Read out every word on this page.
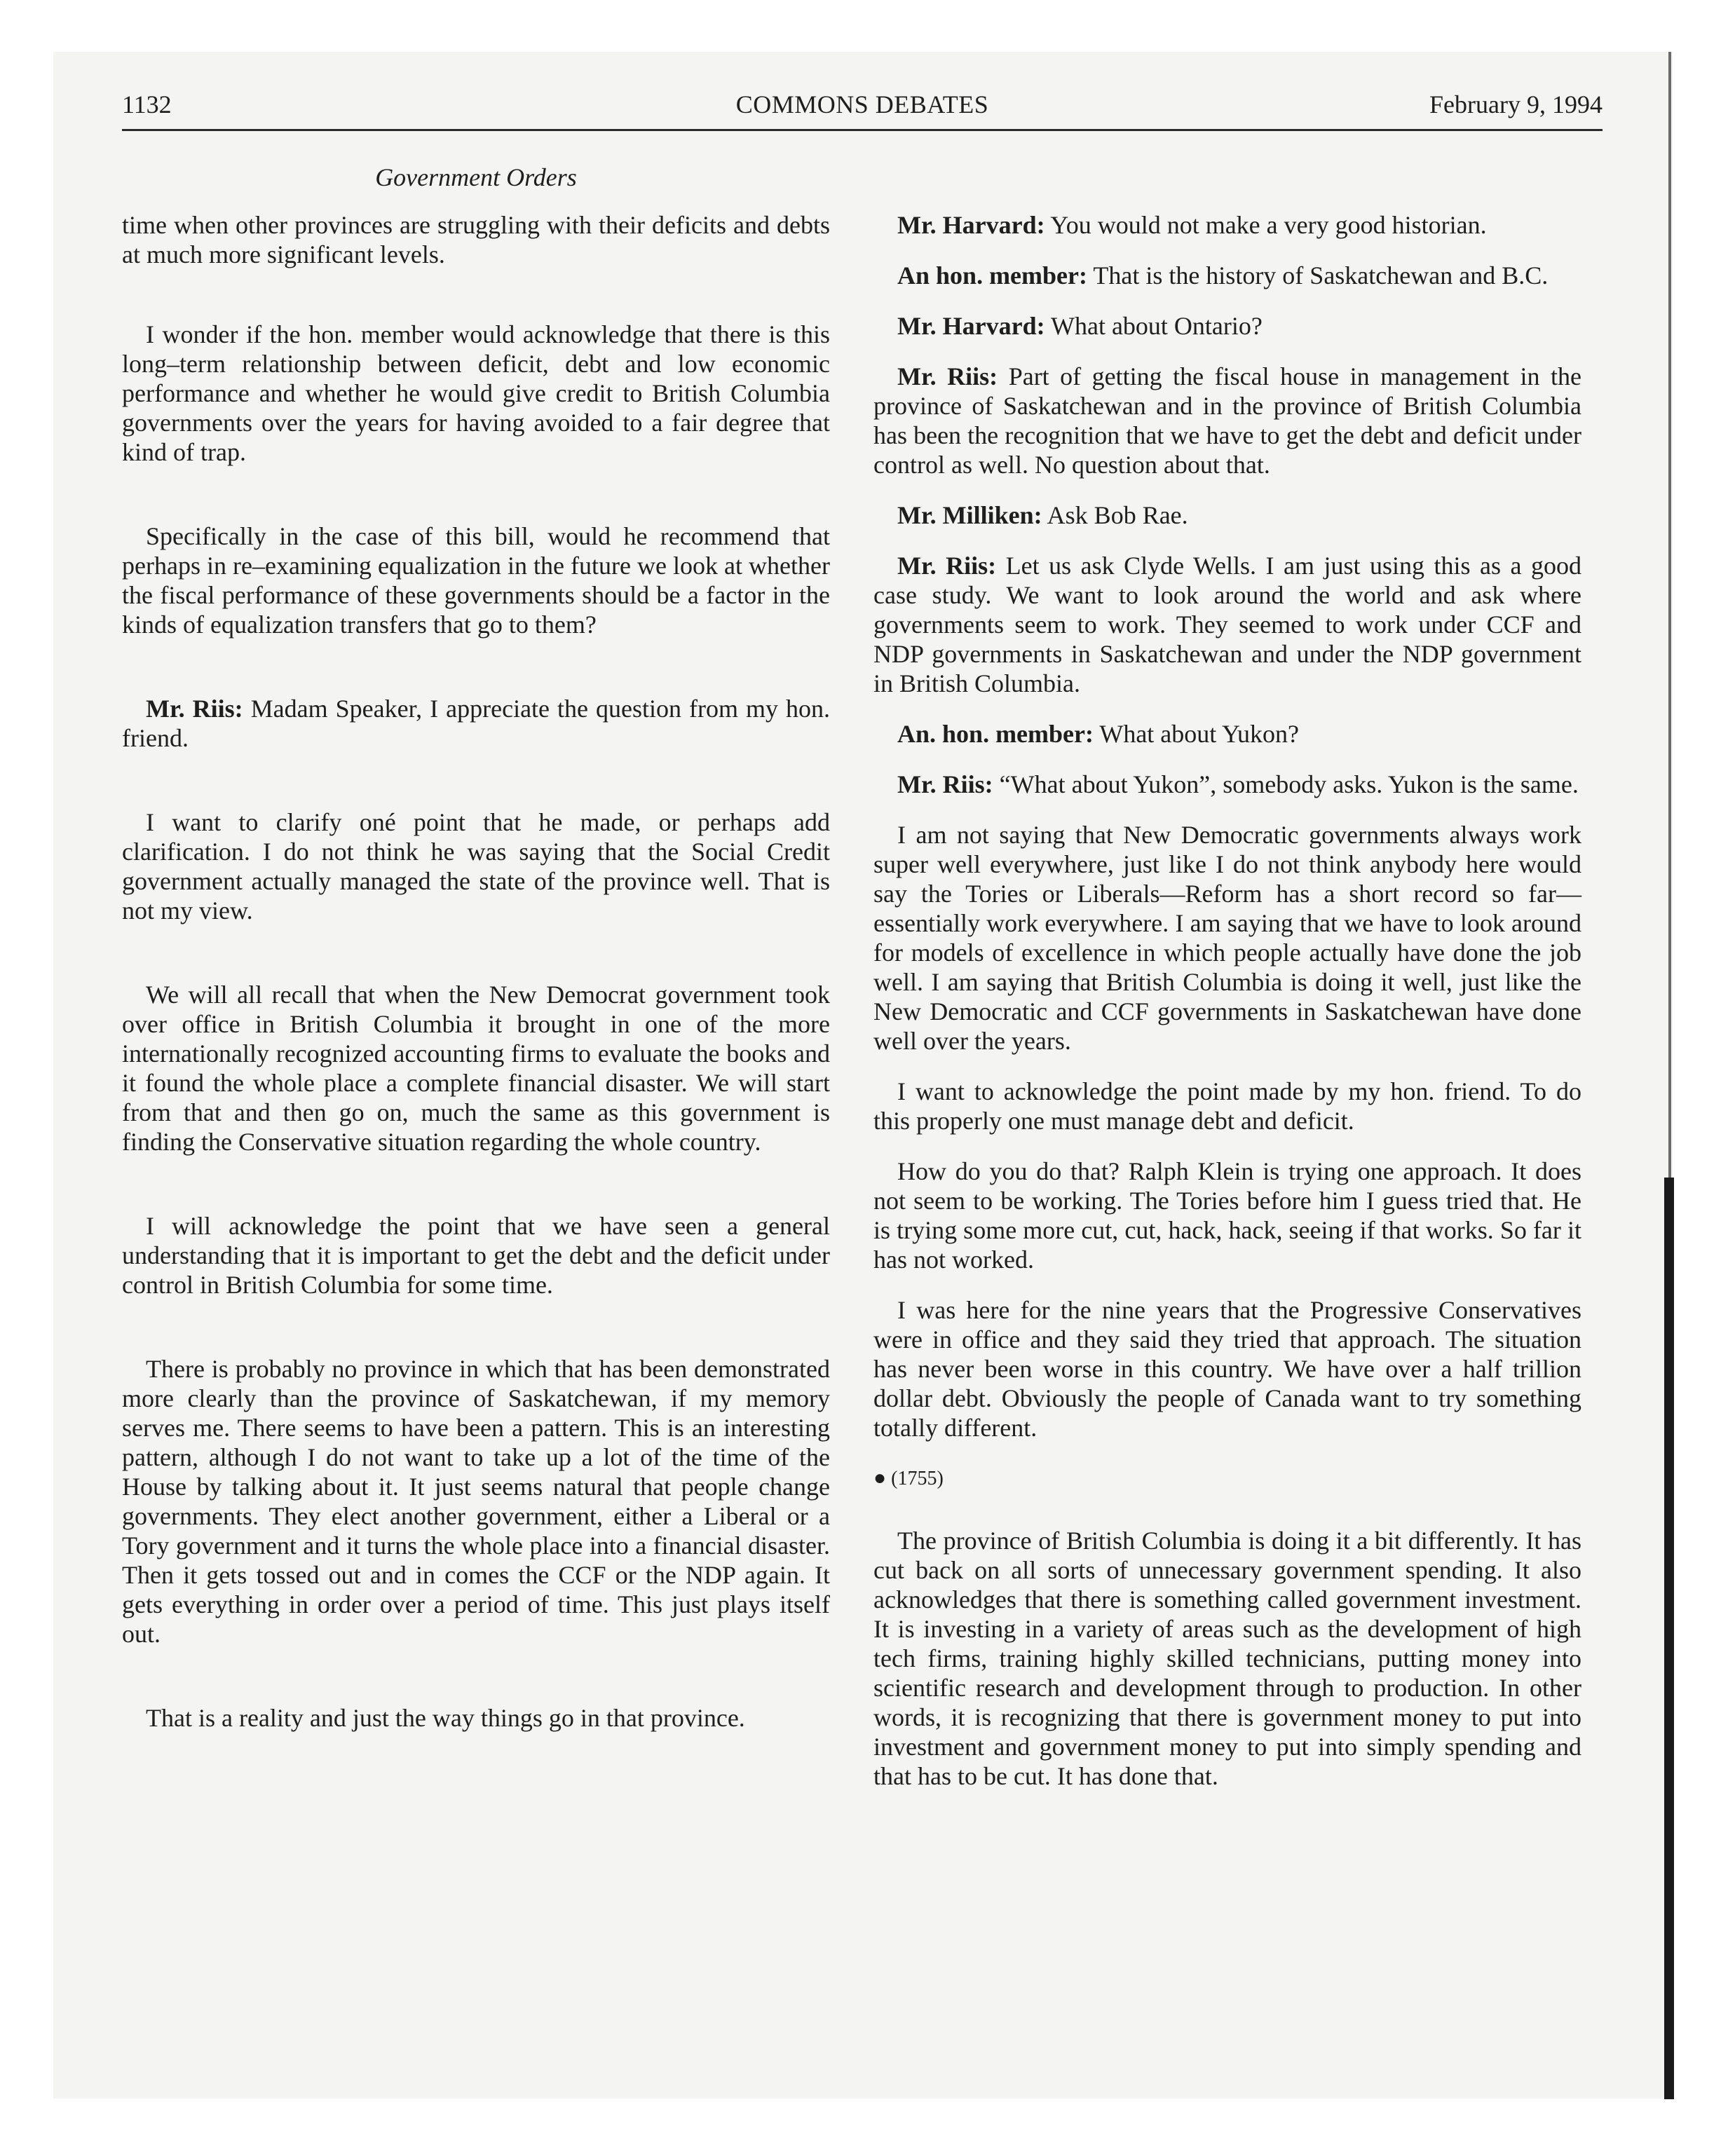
1132	COMMONS DEBATES	February 9, 1994
Government Orders

time when other provinces are struggling with their deficits and debts at much more significant levels.

I wonder if the hon. member would acknowledge that there is this long–term relationship between deficit, debt and low economic performance and whether he would give credit to British Columbia governments over the years for having avoided to a fair degree that kind of trap.

Specifically in the case of this bill, would he recommend that perhaps in re–examining equalization in the future we look at whether the fiscal performance of these governments should be a factor in the kinds of equalization transfers that go to them?

Mr. Riis: Madam Speaker, I appreciate the question from my hon. friend.

I want to clarify oné point that he made, or perhaps add clarification. I do not think he was saying that the Social Credit government actually managed the state of the province well. That is not my view.

We will all recall that when the New Democrat government took over office in British Columbia it brought in one of the more internationally recognized accounting firms to evaluate the books and it found the whole place a complete financial disaster. We will start from that and then go on, much the same as this government is finding the Conservative situation regarding the whole country.

I will acknowledge the point that we have seen a general understanding that it is important to get the debt and the deficit under control in British Columbia for some time.

There is probably no province in which that has been demonstrated more clearly than the province of Saskatchewan, if my memory serves me. There seems to have been a pattern. This is an interesting pattern, although I do not want to take up a lot of the time of the House by talking about it. It just seems natural that people change governments. They elect another government, either a Liberal or a Tory government and it turns the whole place into a financial disaster. Then it gets tossed out and in comes the CCF or the NDP again. It gets everything in order over a period of time. This just plays itself out.

That is a reality and just the way things go in that province.

Mr. Harvard: You would not make a very good historian.

An hon. member: That is the history of Saskatchewan and B.C.

Mr. Harvard: What about Ontario?

Mr. Riis: Part of getting the fiscal house in management in the province of Saskatchewan and in the province of British Columbia has been the recognition that we have to get the debt and deficit under control as well. No question about that.

Mr. Milliken: Ask Bob Rae.

Mr. Riis: Let us ask Clyde Wells. I am just using this as a good case study. We want to look around the world and ask where governments seem to work. They seemed to work under CCF and NDP governments in Saskatchewan and under the NDP government in British Columbia.

An. hon. member: What about Yukon?

Mr. Riis: “What about Yukon”, somebody asks. Yukon is the same.

I am not saying that New Democratic governments always work super well everywhere, just like I do not think anybody here would say the Tories or Liberals—Reform has a short record so far—essentially work everywhere. I am saying that we have to look around for models of excellence in which people actually have done the job well. I am saying that British Columbia is doing it well, just like the New Democratic and CCF governments in Saskatchewan have done well over the years.

I want to acknowledge the point made by my hon. friend. To do this properly one must manage debt and deficit.

How do you do that? Ralph Klein is trying one approach. It does not seem to be working. The Tories before him I guess tried that. He is trying some more cut, cut, hack, hack, seeing if that works. So far it has not worked.

I was here for the nine years that the Progressive Conservatives were in office and they said they tried that approach. The situation has never been worse in this country. We have over a half trillion dollar debt. Obviously the people of Canada want to try something totally different.

● (1755)

The province of British Columbia is doing it a bit differently. It has cut back on all sorts of unnecessary government spending. It also acknowledges that there is something called government investment. It is investing in a variety of areas such as the development of high tech firms, training highly skilled technicians, putting money into scientific research and development through to production. In other words, it is recognizing that there is government money to put into investment and government money to put into simply spending and that has to be cut. It has done that.
